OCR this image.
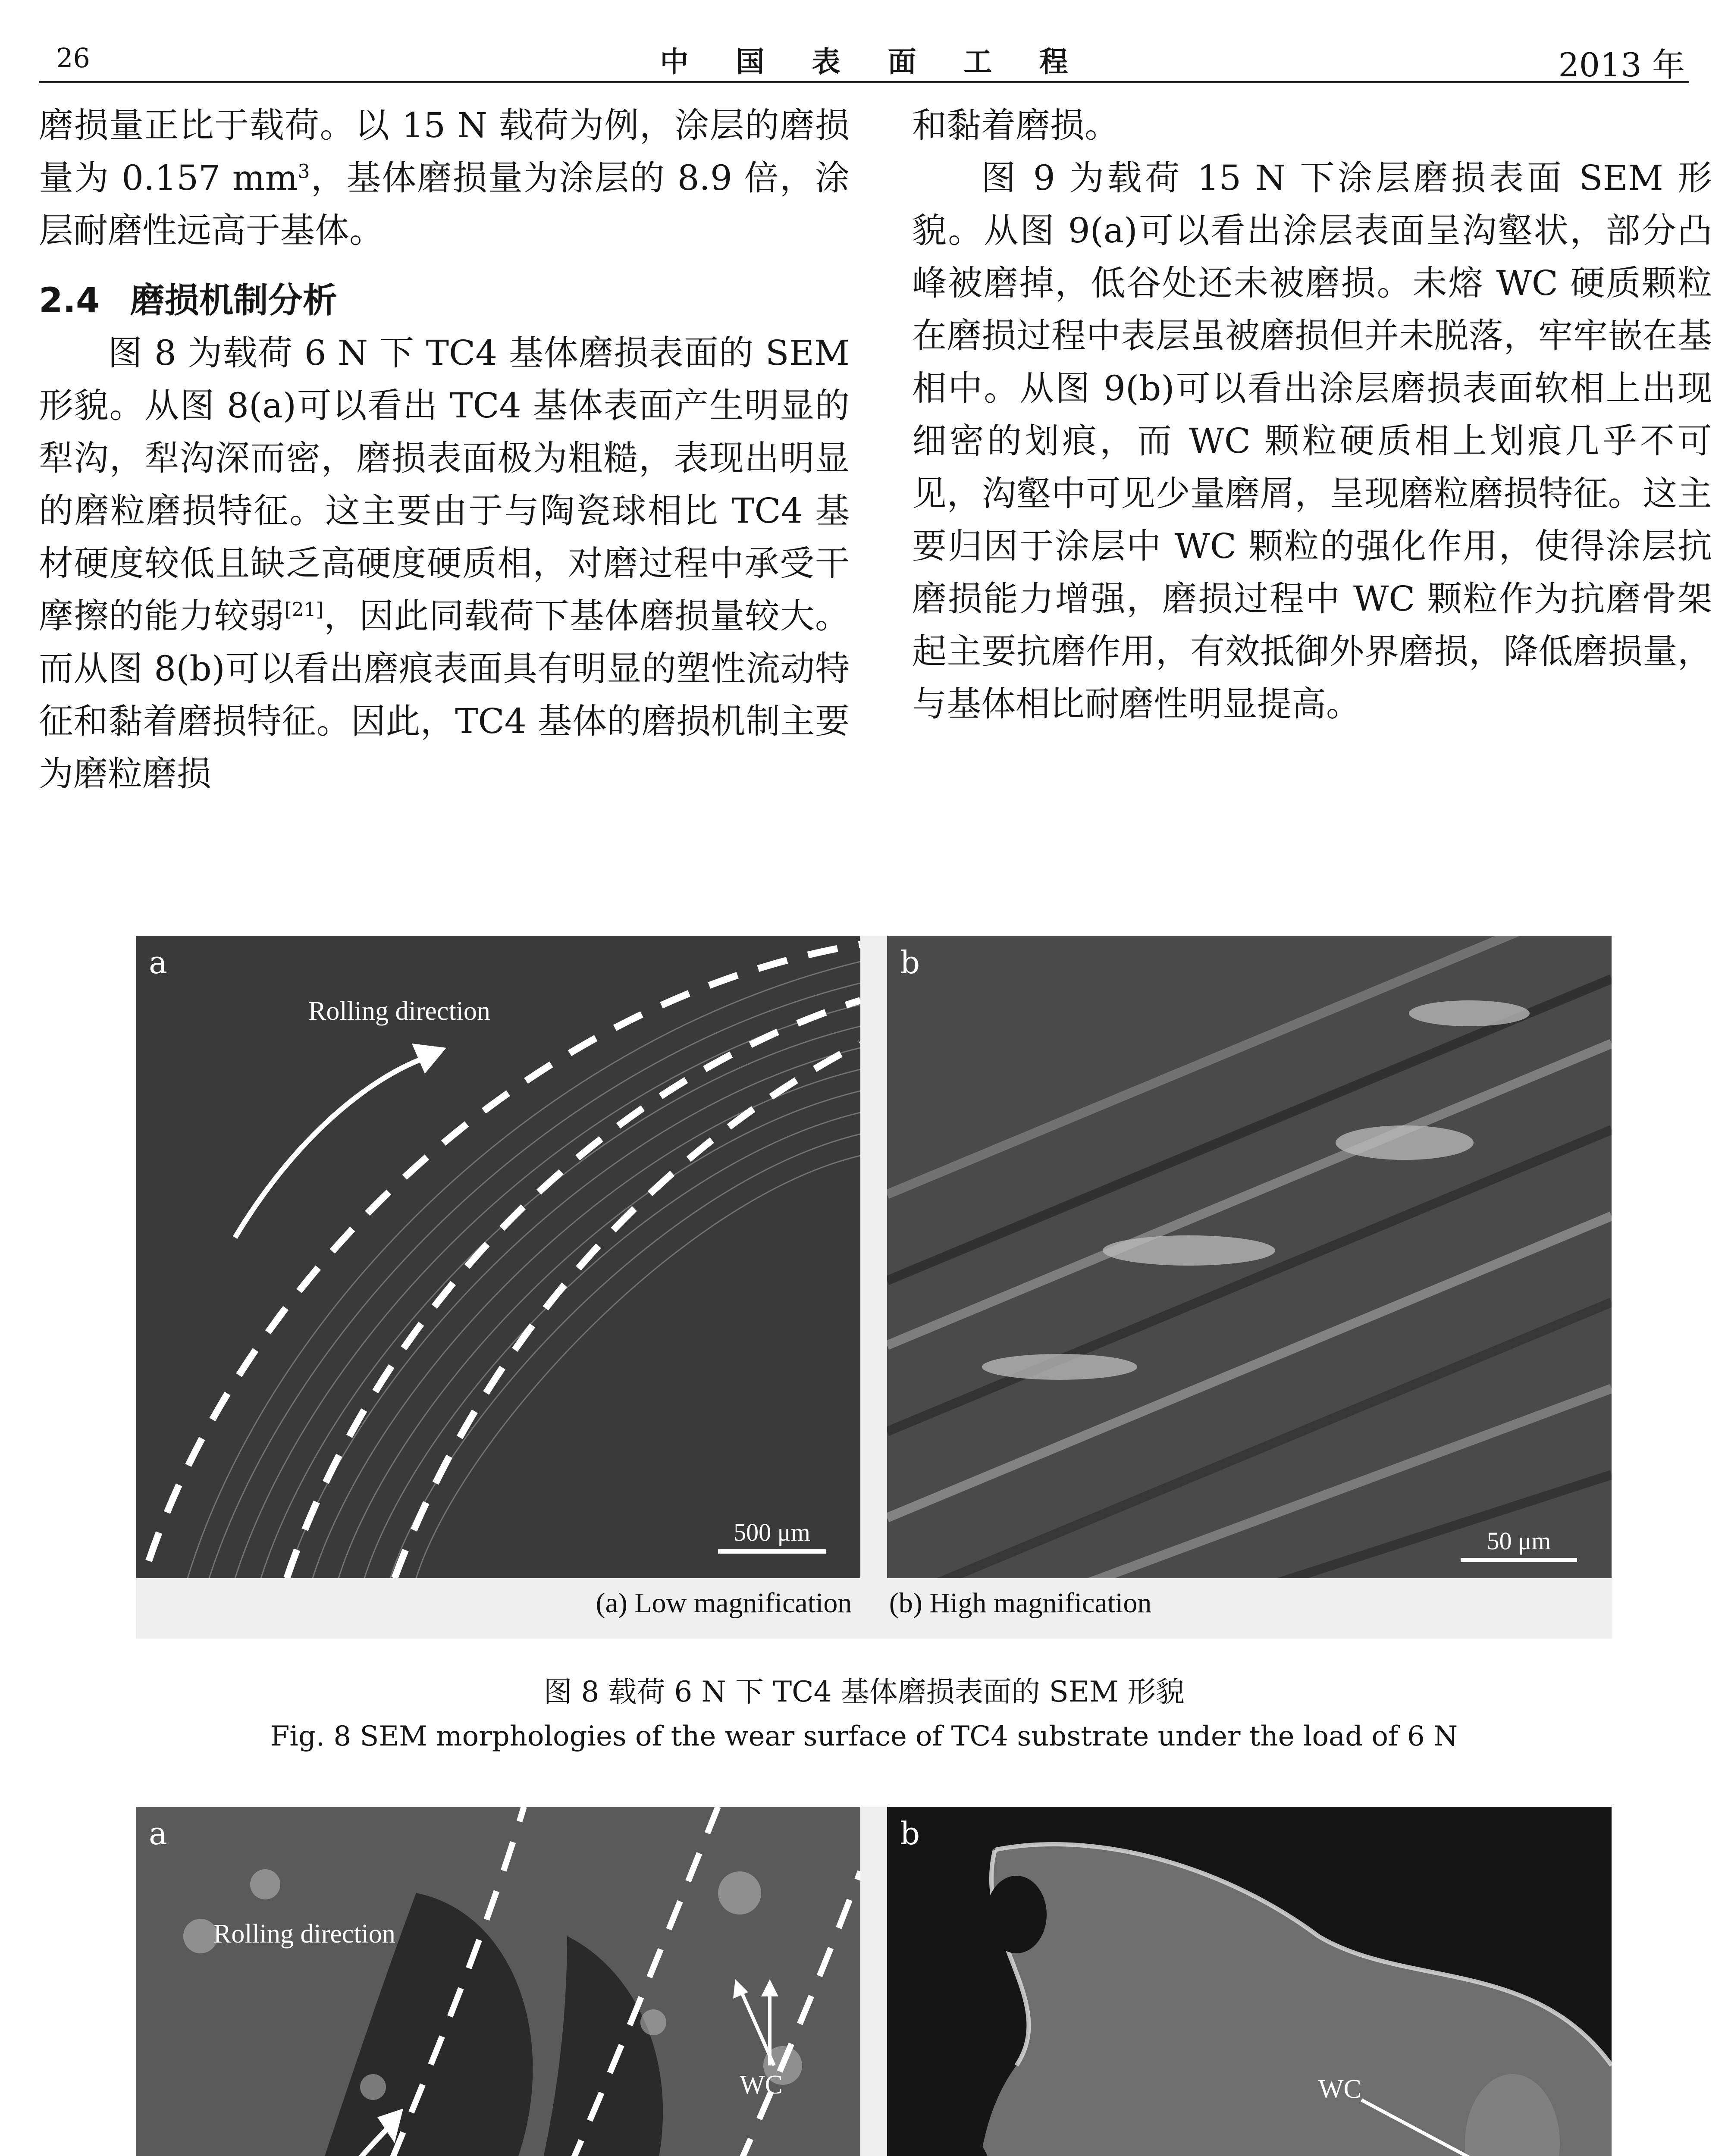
26	中国表面工程	2013 年

磨损量正比于载荷。以 15 N 载荷为例，涂层的磨损量为 0.157 $mm^3$，基体磨损量为涂层的 8.9 倍，涂层耐磨性远高于基体。

2.4 磨损机制分析

图 8 为载荷 6 N 下 TC4 基体磨损表面的 SEM 形貌。从图 8(a)可以看出 TC4 基体表面产生明显的犁沟，犁沟深而密，磨损表面极为粗糙，表现出明显的磨粒磨损特征。这主要由于与陶瓷球相比 TC4 基材硬度较低且缺乏高硬度硬质相，对磨过程中承受干摩擦的能力较弱[21]，因此同载荷下基体磨损量较大。而从图 8(b)可以看出磨痕表面具有明显的塑性流动特征和黏着磨损特征。因此，TC4 基体的磨损机制主要为磨粒磨损

和黏着磨损。

图 9 为载荷 15 N 下涂层磨损表面 SEM 形貌。从图 9(a)可以看出涂层表面呈沟壑状，部分凸峰被磨掉，低谷处还未被磨损。未熔 WC 硬质颗粒在磨损过程中表层虽被磨损但并未脱落，牢牢嵌在基相中。从图 9(b)可以看出涂层磨损表面软相上出现细密的划痕，而 WC 颗粒硬质相上划痕几乎不可见，沟壑中可见少量磨屑，呈现磨粒磨损特征。这主要归因于涂层中 WC 颗粒的强化作用，使得涂层抗磨损能力增强，磨损过程中 WC 颗粒作为抗磨骨架起主要抗磨作用，有效抵御外界磨损，降低磨损量，与基体相比耐磨性明显提高。

a
Rolling direction
500 μm
b
50 μm
(a) Low magnification (b) High magnification
图 8 载荷 6 N 下 TC4 基体磨损表面的 SEM 形貌
Fig. 8 SEM morphologies of the wear surface of TC4 substrate under the load of 6 N
a
Rolling direction
WC
b
WC
